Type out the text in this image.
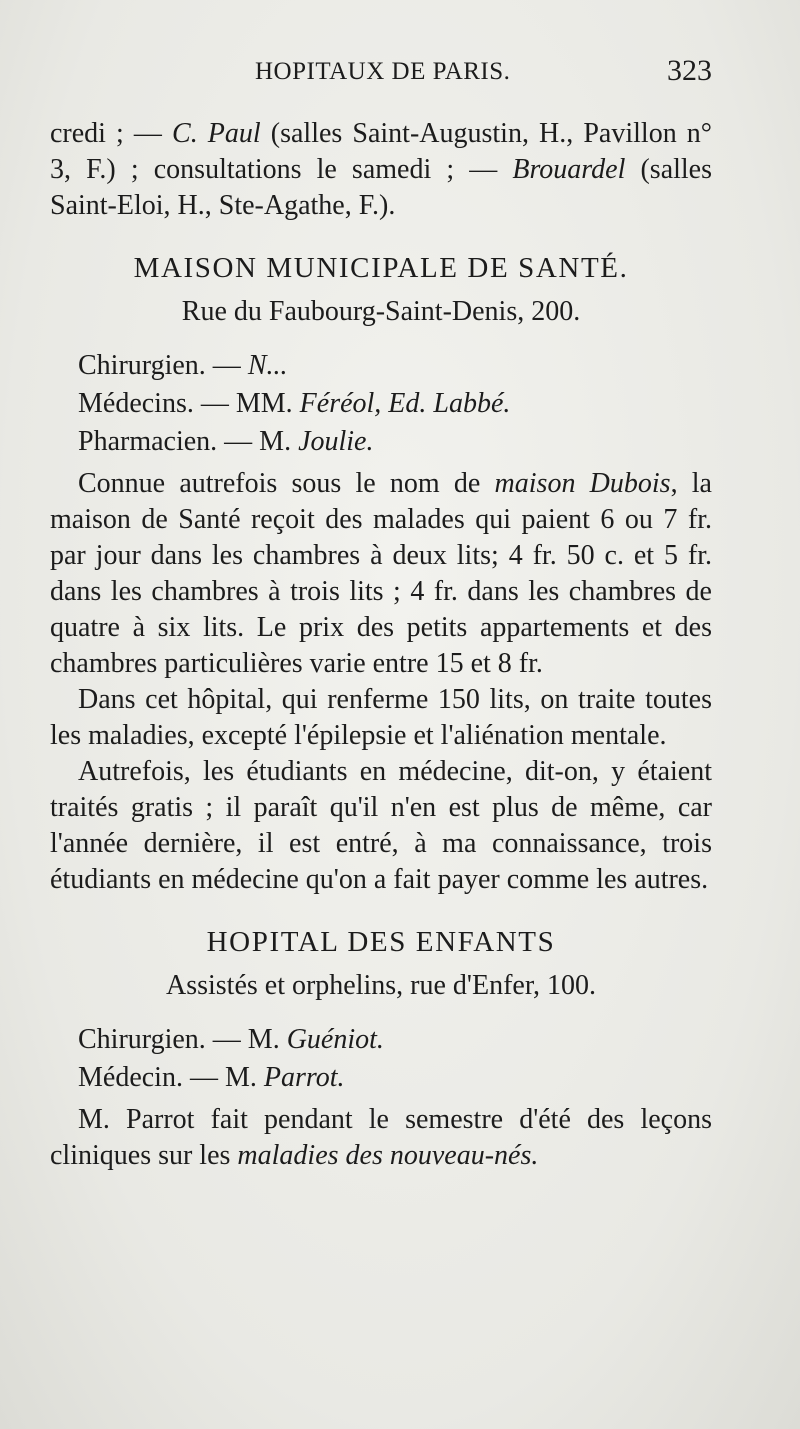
HOPITAUX DE PARIS.	323

credi ; — C. Paul (salles Saint-Augustin, H., Pavillon n° 3, F.) ; consultations le samedi ; — Brouardel (salles Saint-Eloi, H., Ste-Agathe, F.).

MAISON MUNICIPALE DE SANTÉ.

Rue du Faubourg-Saint-Denis, 200.

Chirurgien. — N...
Médecins. — MM. Féréol, Ed. Labbé.
Pharmacien. — M. Joulie.

Connue autrefois sous le nom de maison Dubois, la maison de Santé reçoit des malades qui paient 6 ou 7 fr. par jour dans les chambres à deux lits; 4 fr. 50 c. et 5 fr. dans les chambres à trois lits ; 4 fr. dans les chambres de quatre à six lits. Le prix des petits appartements et des chambres particulières varie entre 15 et 8 fr.

Dans cet hôpital, qui renferme 150 lits, on traite toutes les maladies, excepté l'épilepsie et l'aliénation mentale.

Autrefois, les étudiants en médecine, dit-on, y étaient traités gratis ; il paraît qu'il n'en est plus de même, car l'année dernière, il est entré, à ma connaissance, trois étudiants en médecine qu'on a fait payer comme les autres.

HOPITAL DES ENFANTS

Assistés et orphelins, rue d'Enfer, 100.

Chirurgien. — M. Guéniot.
Médecin. — M. Parrot.

M. Parrot fait pendant le semestre d'été des leçons cliniques sur les maladies des nouveau-nés.
